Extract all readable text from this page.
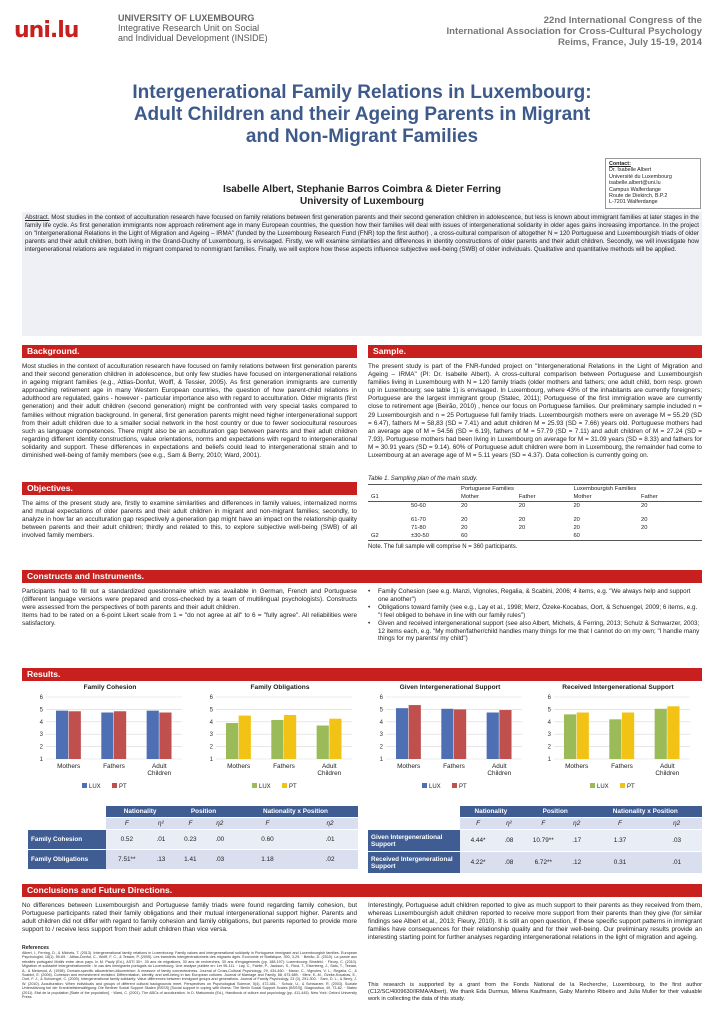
uni.lu	UNIVERSITY OF LUXEMBOURG
Integrative Research Unit on Social
and Individual Development (INSIDE)
22nd International Congress of the
International Association for Cross-Cultural Psychology
Reims, France, July 15-19, 2014
Intergenerational Family Relations in Luxembourg:
Adult Children and their Ageing Parents in Migrant
and Non-Migrant Families
Isabelle Albert, Stephanie Barros Coimbra & Dieter Ferring
University of Luxembourg
Contact:
Dr. Isabelle Albert
Université du Luxembourg
isabelle.albert@uni.lu
Campus Walferdange
Route de Diekirch, B.P.2
L-7201 Walferdange
Abstract. Most studies in the context of acculturation research have focused on family relations between first generation parents and their second generation children in adolescence, but less is known about immigrant families at later stages in the family life cycle. As first generation immigrants now approach retirement age in many European countries, the question how their families will deal with issues of intergenerational solidarity in older ages gains increasing importance. In the project on "Intergenerational Relations in the Light of Migration and Ageing – IRMA" (funded by the Luxembourg Research Fund (FNR) top the first author) , a cross-cultural comparison of altogether N = 120 Portuguese and Luxembourgish triads of older parents and their adult children, both living in the Grand-Duchy of Luxembourg, is envisaged. Firstly, we will examine similarities and differences in identity constructions of older parents and their adult children. Secondly, we will investigate how intergenerational relations are regulated in migrant compared to nonmigrant families. Finally, we will explore how these aspects influence subjective well-being (SWB) of older individuals. Qualitative and quantitative methods will be applied.
Background.
Most studies in the context of acculturation research have focused on family relations between first generation parents and their second generation children in adolescence, but only few studies have focused on intergenerational relations in ageing migrant families (e.g., Attias-Donfut, Wolff, & Tessier, 2005). As first generation immigrants are currently approaching retirement age in many Western European countries, the question of how parent-child relations in adulthood are regulated, gains - however - particular importance also with regard to acculturation. Older migrants (first generation) and their adult children (second generation) might be confronted with very special tasks compared to families without migration background. In general, first generation parents might need higher intergenerational support from their adult children due to a smaller social network in the host country or due to fewer sociocultural resources such as language competences. There might also be an acculturation gap between parents and their adult children regarding different identity constructions, value orientations, norms and expectations with regard to intergenerational solidarity and support. These differences in expectations and beliefs could lead to intergenerational strain and to diminished well-being of family members (see e.g., Sam & Berry, 2010; Ward, 2001).
Objectives.
The aims of the present study are, firstly to examine similarities and differences in family values, internalized norms and mutual expectations of older parents and their adult children in migrant and non-migrant families; secondly, to analyze in how far an acculturation gap respectively a generation gap might have an impact on the relationship quality between parents and their adult children; thirdly and related to this, to explore subjective well-being (SWB) of all involved family members.
Sample.
The present study is part of the FNR-funded project on "Intergenerational Relations in the Light of Migration and Ageing – IRMA" (PI: Dr. Isabelle Albert). A cross-cultural comparison between Portuguese and Luxembourgish families living in Luxembourg with N = 120 family triads (older mothers and fathers; one adult child, born resp. grown up in Luxembourg; see table 1) is envisaged. In Luxembourg, where 43% of the inhabitants are currently foreigners; Portuguese are the largest immigrant group (Statec, 2011); Portuguese of the first immigration wave are currently close to retirement age (Beirão, 2010) , hence our focus on Portuguese families. Our preliminary sample included n = 29 Luxembourgish and n = 25 Portuguese full family triads. Luxembourgish mothers were on average M = 55.29 (SD = 6.47), fathers M = 58,83 (SD = 7.41) and adult children M = 25.93 (SD = 7.66) years old. Portuguese mothers had an average age of M = 54.56 (SD = 6.19), fathers of M = 57.79 (SD = 7.11) and adult children of M = 27.24 (SD = 7.93). Portuguese mothers had been living in Luxembourg on average for M = 31.09 years (SD = 8.33) and fathers for M = 30.91 years (SD = 9.14). 60% of Portuguese adult children were born in Luxembourg, the remainder had come to Luxembourg at an average age of M = 5.11 years (SD = 4.37). Data collection is currently going on.
Table 1. Sampling plan of the main study.
		Portuguese Families		Luxembourgish Families	
G1		Mother	Father	Mother	Father
	50-60	20	20	20	20

	61-70	20	20	20	20
	71-80	20	20	20	20
G2	±30-50	60		60	
Note. The full sample will comprise N = 360 participants.
Constructs and Instruments.
Participants had to fill out a standardized questionnaire which was available in German, French and Portuguese (different language versions were prepared and cross-checked by a team of multilingual psychologists). Constructs were assessed from the perspectives of both parents and their adult children.
Items had to be rated on a 6-point Likert scale from 1 = "do not agree at all" to 6 = "fully agree". All reliabilities were satisfactory.
•	Family Cohesion (see e.g. Manzi, Vignoles, Regalia, & Scabini, 2006; 4 items, e.g. "We always help and support one another")
•	Obligations toward family (see e.g., Lay et al., 1998; Merz, Özeke-Kocabas, Oort, & Schuengel, 2009; 6 items, e.g. "I feel obliged to behave in line with our family rules")
•	Given and received intergenerational support (see also Albert, Michels, & Ferring, 2013; Schulz & Schwarzer, 2003; 12 items each, e.g. "My mother/father/child handles many things for me that I cannot do on my own; "I handle many things for my parents/ my child")
Results.
Family Cohesion
1
2
3
4
5
6
Mothers	Fathers	Adult
Children
LUX	PT
Family Obligations
1
2
3
4
5
6
Mothers	Fathers	Adult
Children
LUX	PT
Given Intergenerational Support
1
2
3
4
5
6
Mothers	Fathers	Adult
Children
LUX	PT
Received Intergenerational Support
1
2
3
4
5
6
Mothers	Fathers	Adult
Children
LUX	PT
	Nationality		Position		Nationality x Position	
	F	η²	F	η2	F	η2
Family Cohesion	0.52	.01	0.23	.00	0.60	.01
Family Obligations	7.51**	.13	1.41	.03	1.18	.02
	Nationality		Position		Nationality x Position	
	F	η²	F	η2	F	η2
Given Intergenerational Support	4.44*	.08	10.79**	.17	1.37	.03
Received Intergenerational Support	4.22*	.08	6.72**	.12	0.31	.01
Conclusions and Future Directions.
No differences between Luxembourgish and Portuguese family triads were found regarding family cohesion, but Portuguese participants rated their family obligations and their mutual intergenerational support higher. Parents and adult children did not differ with regard to family cohesion and family obligations, but parents reported to provide more support to / receive less support from their adult children than vice versa.
Interestingly, Portuguese adult children reported to give as much support to their parents as they received from them, whereas Luxembourgish adult children reported to receive more support from their parents than they give (for similar findings see Albert et al., 2013; Fleury, 2010). It is still an open question, if these specific support patterns in immigrant families have consequences for their relationship quality and for their well-being. Our preliminary results provide an interesting starting point for further analyses regarding intergenerational relations in the light of migration and ageing.
References
Albert, I., Ferring, D., & Michels, T. (2013). Intergenerational family relations in Luxembourg: Family values and intergenerational solidarity in Portuguese immigrant and Luxembourgish families. European Psychologist, 18(1), 59-69. · Attias-Donfut, C., Wolff, F. C., & Tessier, P. (2005). Les transferts intergénérationnels des migrants âgés. Économie et Statistique, 390, 3-29. · Beirão, D. (2010). La parole aux retraités portugais! Motifs entre deux pays. In M. Pauly (Ed.), ASTI 30+. 30 ans de migrations, 30 ans de recherches, 30 ans d'engagements (pp. 188-197). Luxembourg: Binsfeld. · Fleury, C. (2010). Migration et solidarité intergénérationnelle : le cas des immigrants portugais du Luxembourg. Une analyse publiée en: 1er 95-111. · Lay, C., Fairlie, P., Jackson, S., Ricci, T., Eisenberg, J., Sato, T., Teeaar, A., & Melamud, A. (1998). Domain-specific allocentrism-idiocentrism: A measure of family connectedness. Journal of Cross-Cultural Psychology, 29, 434-460. · Manzi, C., Vignoles, V. L., Regalia, C., & Scabini, E. (2006). Cohesion and enmeshment revisited: Differentiation, identity, and well-being in two European cultures. Journal of Marriage and Family, 68, 673-689. · Merz, E.-M., Özeke-Kocabas, E., Oort, F. J., & Schuengel, C. (2009). Intergenerational family solidarity: Value differences between immigrant groups and generations. Journal of Family Psychology, 23 (3), 291-300. · Sam, D. L., & Berry, J. W. (2010). Acculturation: When individuals and groups of different cultural backgrounds meet. Perspectives on Psychological Science, 5(4), 472-481. · Schulz, U., & Schwarzer, R. (2003). Soziale Unterstützung bei der Krankheitsbewältigung: Die Berliner Social Support Skalen (BSSS) [Social support in coping with illness: The Berlin Social Support Scales (BSSS)]. Diagnostica, 49, 73-82. · Statec (2011). Etat de la population [State of the population]. · Ward, C. (2001). The ABCs of acculturation. In D. Matsumoto (Ed.), Handbook of culture and psychology (pp. 411-445). New York: Oxford University Press.
This research is supported by a grant from the Fonds National de la Recherche, Luxembourg, to the first author (C12/SC/4009630/IRMA/Albert). We thank Eda Durmus, Milena Kaufmann, Gaby Marinho Ribeiro and Julia Muller for their valuable work in collecting the data of this study.
